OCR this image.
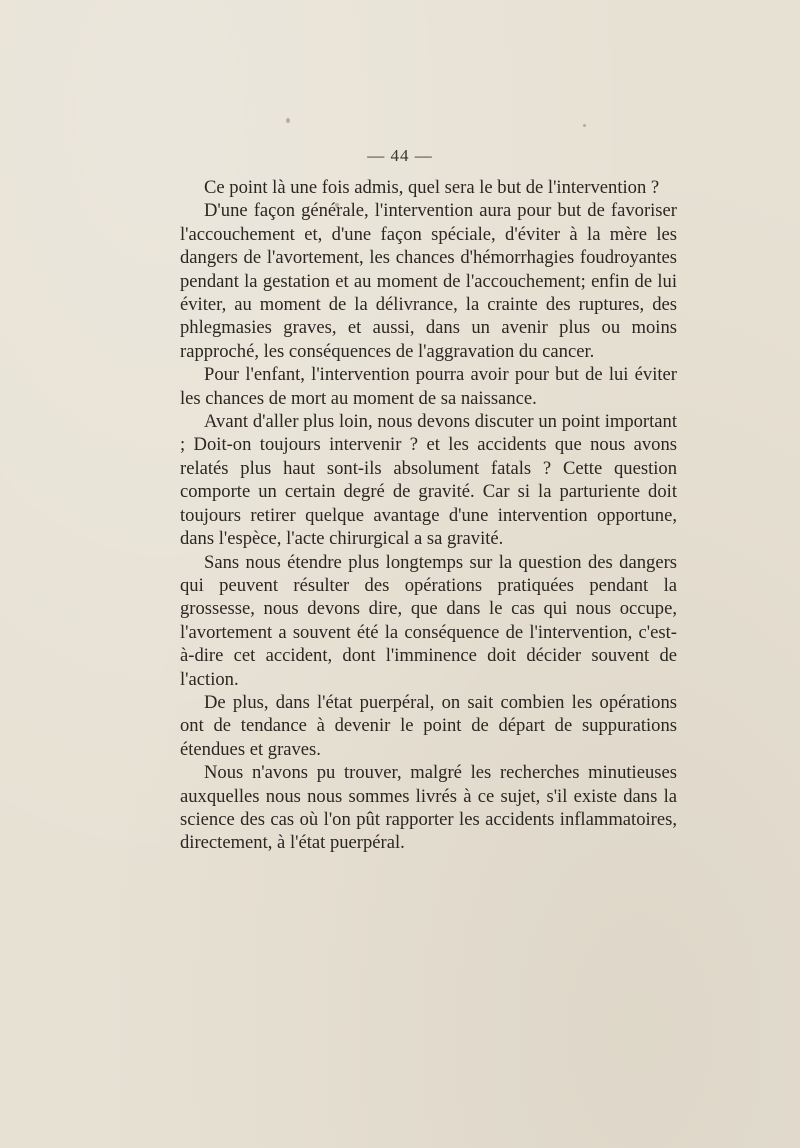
— 44 —

Ce point là une fois admis, quel sera le but de l'intervention ?

D'une façon générale, l'intervention aura pour but de favoriser l'accouchement et, d'une façon spéciale, d'éviter à la mère les dangers de l'avortement, les chances d'hémorrhagies foudroyantes pendant la gestation et au moment de l'accouchement; enfin de lui éviter, au moment de la délivrance, la crainte des ruptures, des phlegmasies graves, et aussi, dans un avenir plus ou moins rapproché, les conséquences de l'aggravation du cancer.

Pour l'enfant, l'intervention pourra avoir pour but de lui éviter les chances de mort au moment de sa naissance.

Avant d'aller plus loin, nous devons discuter un point important ; Doit-on toujours intervenir ? et les accidents que nous avons relatés plus haut sont-ils absolument fatals ? Cette question comporte un certain degré de gravité. Car si la parturiente doit toujours retirer quelque avantage d'une intervention opportune, dans l'espèce, l'acte chirurgical a sa gravité.

Sans nous étendre plus longtemps sur la question des dangers qui peuvent résulter des opérations pratiquées pendant la grossesse, nous devons dire, que dans le cas qui nous occupe, l'avortement a souvent été la conséquence de l'intervention, c'est-à-dire cet accident, dont l'imminence doit décider souvent de l'action.

De plus, dans l'état puerpéral, on sait combien les opérations ont de tendance à devenir le point de départ de suppurations étendues et graves.

Nous n'avons pu trouver, malgré les recherches minutieuses auxquelles nous nous sommes livrés à ce sujet, s'il existe dans la science des cas où l'on pût rapporter les accidents inflammatoires, directement, à l'état puerpéral.
